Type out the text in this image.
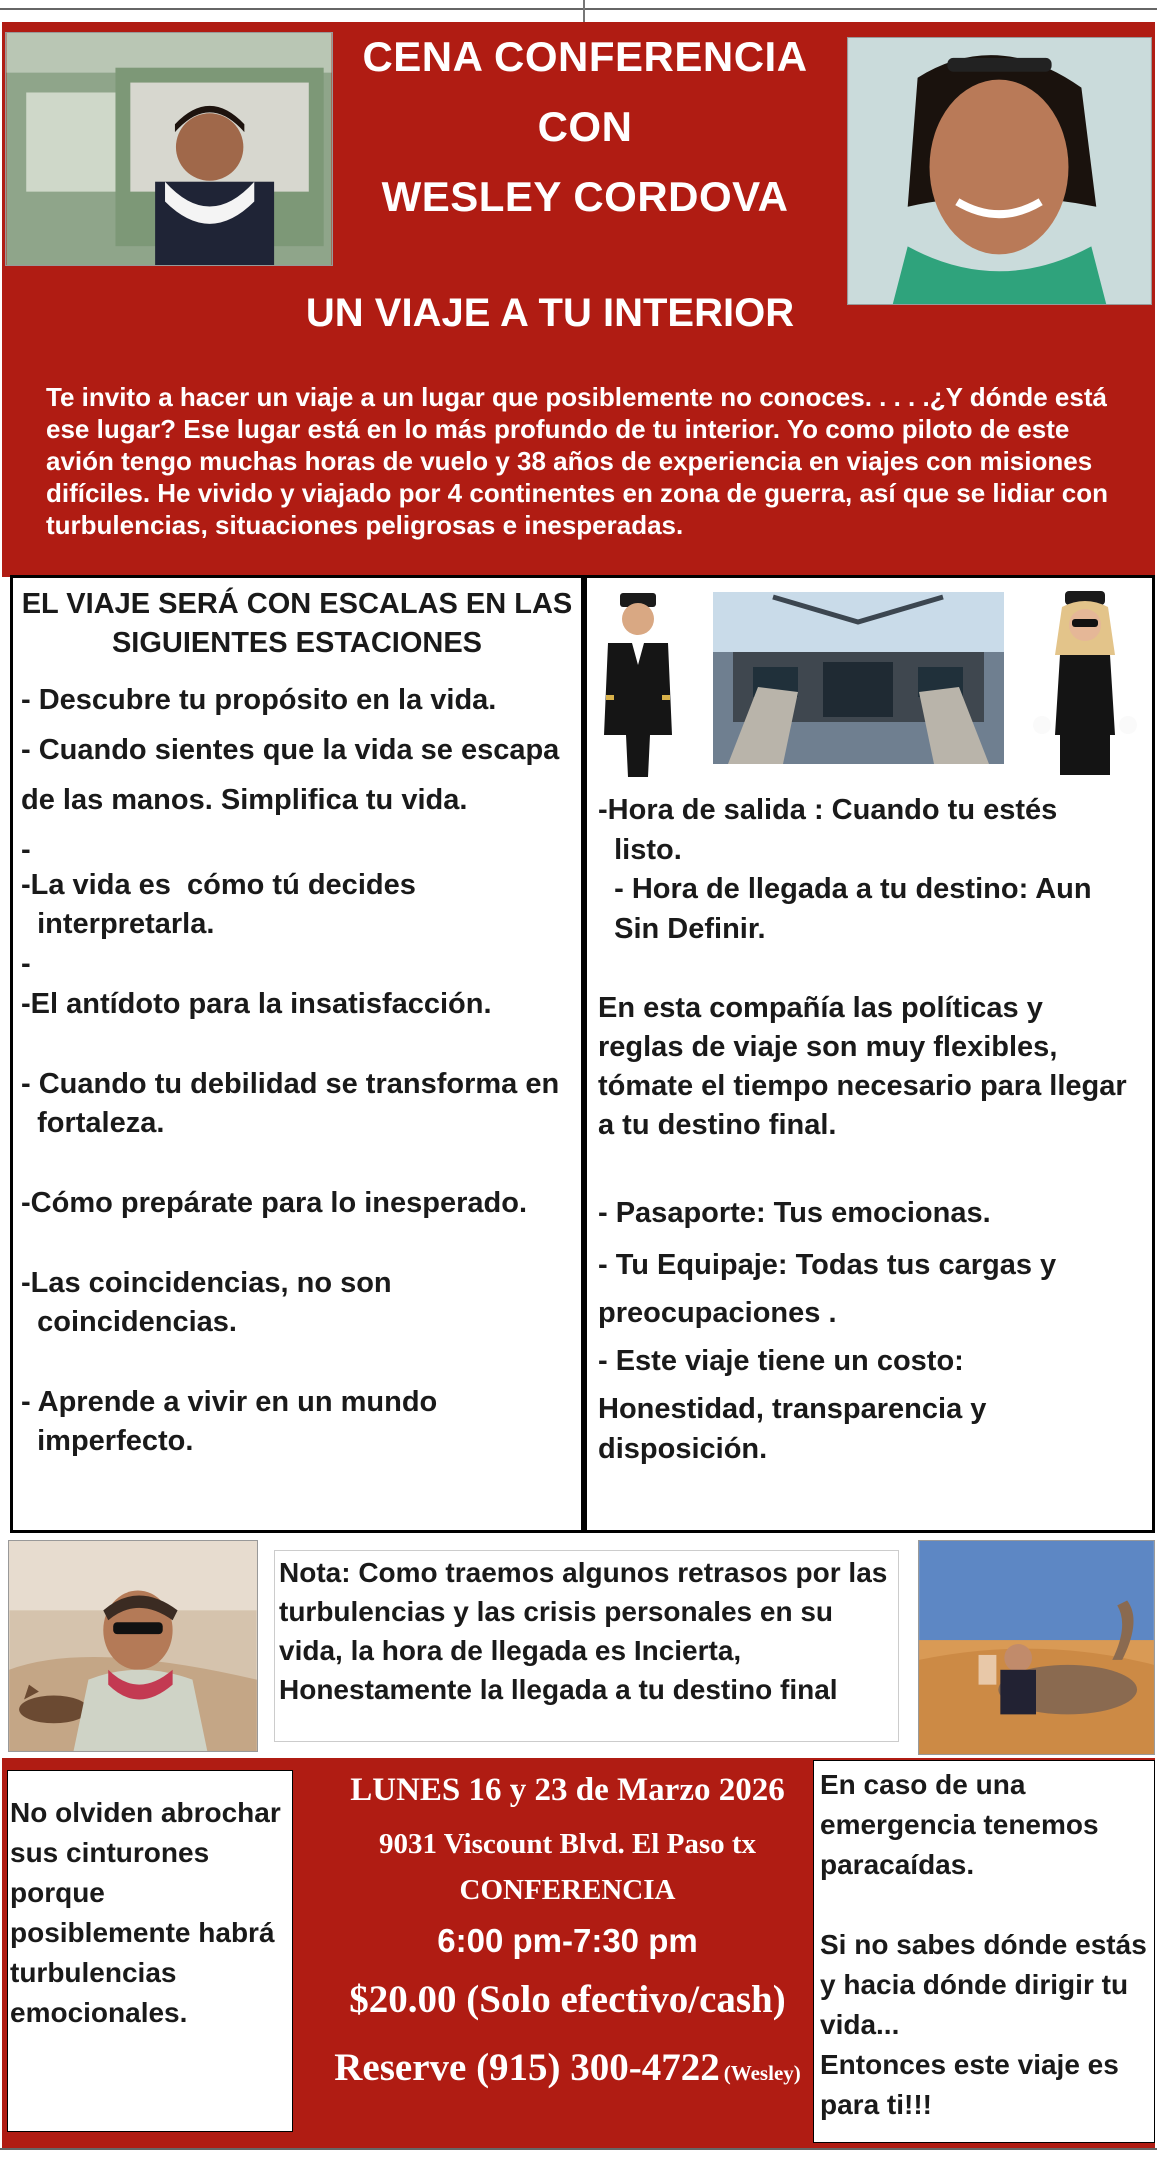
CENA CONFERENCIA
CON
WESLEY CORDOVA
UN VIAJE A TU INTERIOR
Te invito a hacer un viaje a un lugar que posiblemente no conoces. . . . .¿Y dónde está ese lugar? Ese lugar está en lo más profundo de tu interior. Yo como piloto de este avión tengo muchas horas de vuelo y 38 años de experiencia en viajes con misiones difíciles. He vivido y viajado por 4 continentes en zona de guerra, así que se lidiar con turbulencias, situaciones peligrosas e inesperadas.
EL VIAJE SERÁ CON ESCALAS EN LAS SIGUIENTES ESTACIONES
- Descubre tu propósito en la vida.
- Cuando sientes que la vida se escapa
de las manos. Simplifica tu vida.
-
-La vida es  cómo tú decides
interpretarla.
-
-El antídoto para la insatisfacción.
- Cuando tu debilidad se transforma en
fortaleza.
-Cómo prepárate para lo inesperado.
-Las coincidencias, no son
coincidencias.
- Aprende a vivir en un mundo
imperfecto.
-Hora de salida : Cuando tu estés
listo.
- Hora de llegada a tu destino: Aun
Sin Definir.
En esta compañía las políticas y
reglas de viaje son muy flexibles,
tómate el tiempo necesario para llegar
a tu destino final.
- Pasaporte: Tus emocionas.
- Tu Equipaje: Todas tus cargas y
preocupaciones .
- Este viaje tiene un costo:
Honestidad, transparencia y
disposición.
Nota: Como traemos algunos retrasos por las turbulencias y las crisis personales en su vida, la hora de llegada es Incierta, Honestamente la llegada a tu destino final
No olviden abrochar sus cinturones porque posiblemente habrá turbulencias emocionales.
LUNES 16 y 23 de Marzo 2026
9031 Viscount Blvd. El Paso tx
CONFERENCIA
6:00 pm-7:30 pm
$20.00 (Solo efectivo/cash)
Reserve (915) 300-4722 (Wesley)
En caso de una emergencia tenemos paracaídas.

Si no sabes dónde estás y hacia dónde dirigir tu vida...
Entonces este viaje es para ti!!!
